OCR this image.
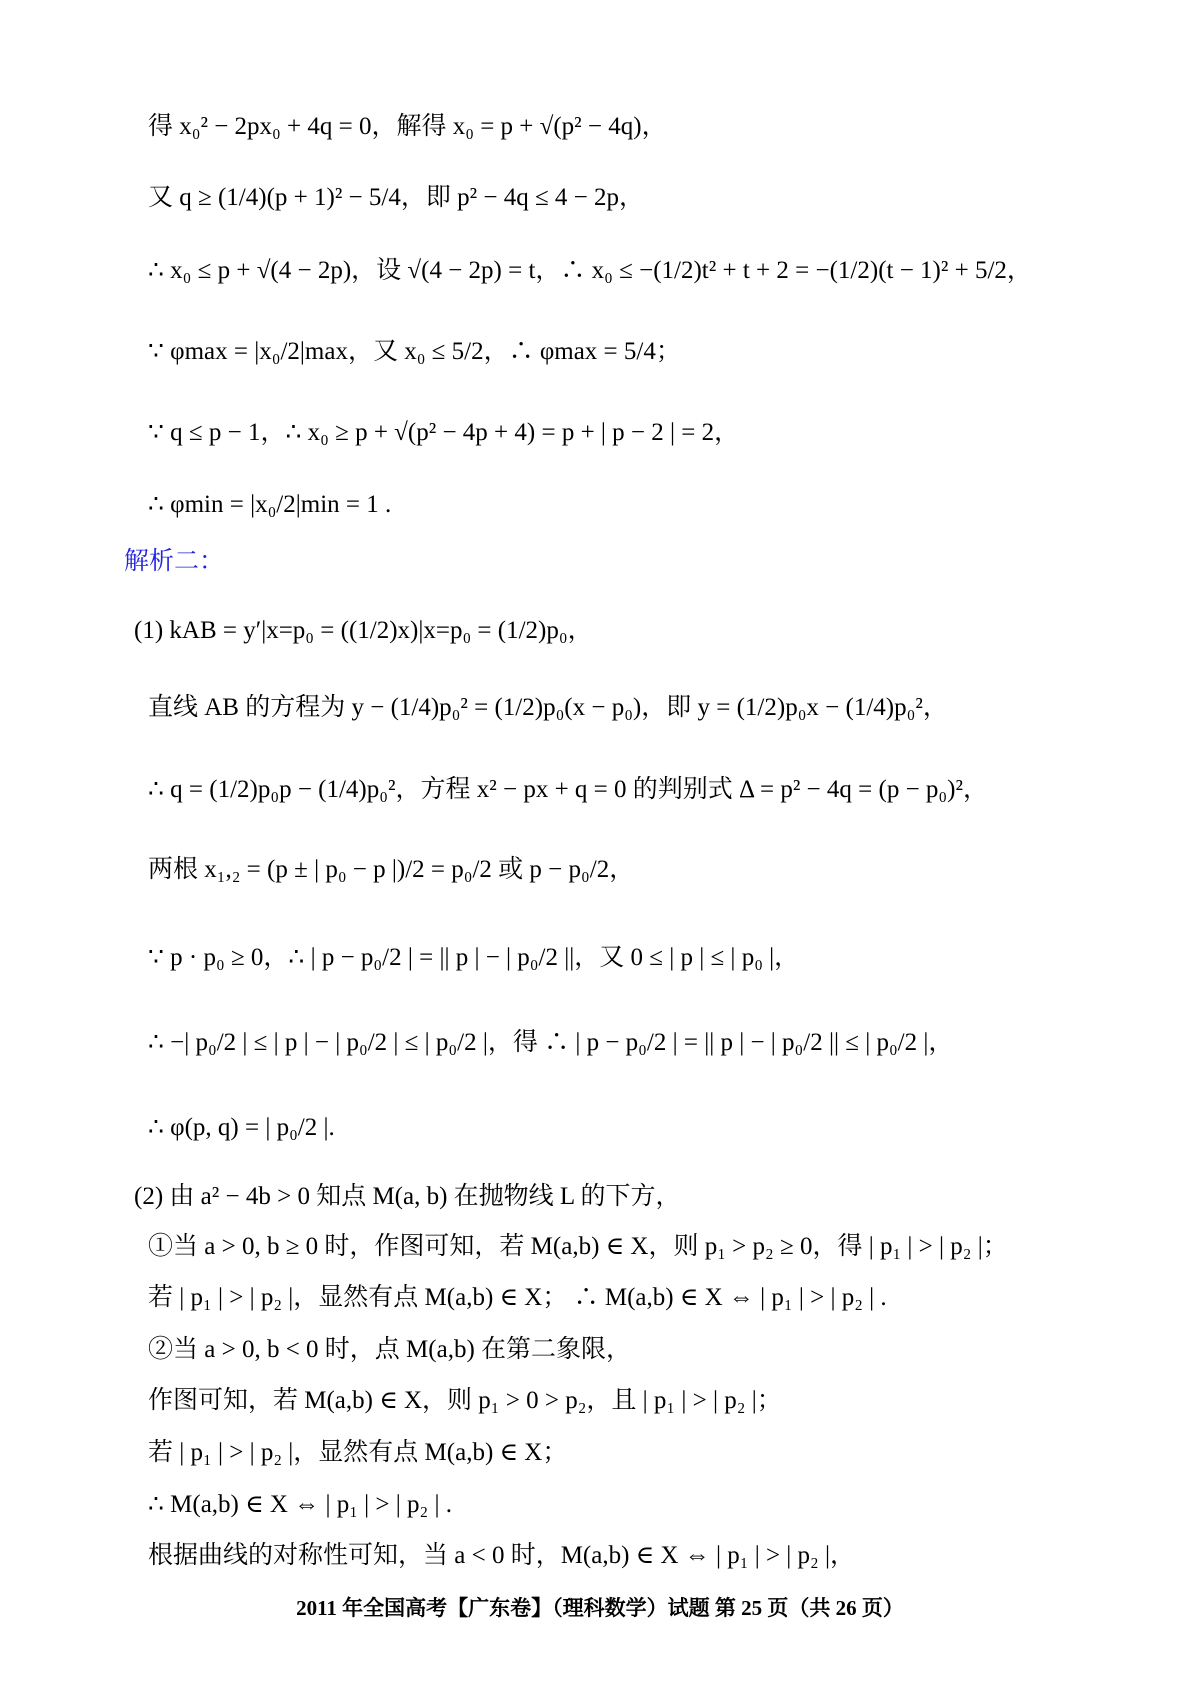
得 x₀² − 2px₀ + 4q = 0，解得 x₀ = p + √(p² − 4q)，
又 q ≥ (1/4)(p + 1)² − 5/4，即 p² − 4q ≤ 4 − 2p，
∴ x₀ ≤ p + √(4 − 2p)，设 √(4 − 2p) = t，∴ x₀ ≤ −(1/2)t² + t + 2 = −(1/2)(t − 1)² + 5/2，
∵ φmax = |x₀/2|max，又 x₀ ≤ 5/2，∴ φmax = 5/4；
∵ q ≤ p − 1，∴ x₀ ≥ p + √(p² − 4p + 4) = p + | p − 2 | = 2，
∴ φmin = |x₀/2|min = 1 .
解析二：
(1) kAB = y′|x=p₀ = ((1/2)x)|x=p₀ = (1/2)p₀，
直线 AB 的方程为 y − (1/4)p₀² = (1/2)p₀(x − p₀)，即 y = (1/2)p₀x − (1/4)p₀²，
∴ q = (1/2)p₀p − (1/4)p₀²，方程 x² − px + q = 0 的判别式 Δ = p² − 4q = (p − p₀)²，
两根 x₁,₂ = (p ± | p₀ − p |)/2 = p₀/2 或 p − p₀/2，
∵ p · p₀ ≥ 0，∴ | p − p₀/2 | = || p | − | p₀/2 ||，又 0 ≤ | p | ≤ | p₀ |，
∴ −| p₀/2 | ≤ | p | − | p₀/2 | ≤ | p₀/2 |，得 ∴ | p − p₀/2 | = || p | − | p₀/2 || ≤ | p₀/2 |，
∴ φ(p, q) = | p₀/2 |.
(2) 由 a² − 4b > 0 知点 M(a, b) 在抛物线 L 的下方，
①当 a > 0, b ≥ 0 时，作图可知，若 M(a,b) ∈ X，则 p₁ > p₂ ≥ 0，得 | p₁ | > | p₂ |；
若 | p₁ | > | p₂ |，显然有点 M(a,b) ∈ X； ∴ M(a,b) ∈ X ⇔ | p₁ | > | p₂ | .
②当 a > 0, b < 0 时，点 M(a,b) 在第二象限，
作图可知，若 M(a,b) ∈ X，则 p₁ > 0 > p₂，且 | p₁ | > | p₂ |；
若 | p₁ | > | p₂ |，显然有点 M(a,b) ∈ X；
∴ M(a,b) ∈ X ⇔ | p₁ | > | p₂ | .
根据曲线的对称性可知，当 a < 0 时，M(a,b) ∈ X ⇔ | p₁ | > | p₂ |，
2011 年全国高考【广东卷】（理科数学）试题 第 25 页（共 26 页）
